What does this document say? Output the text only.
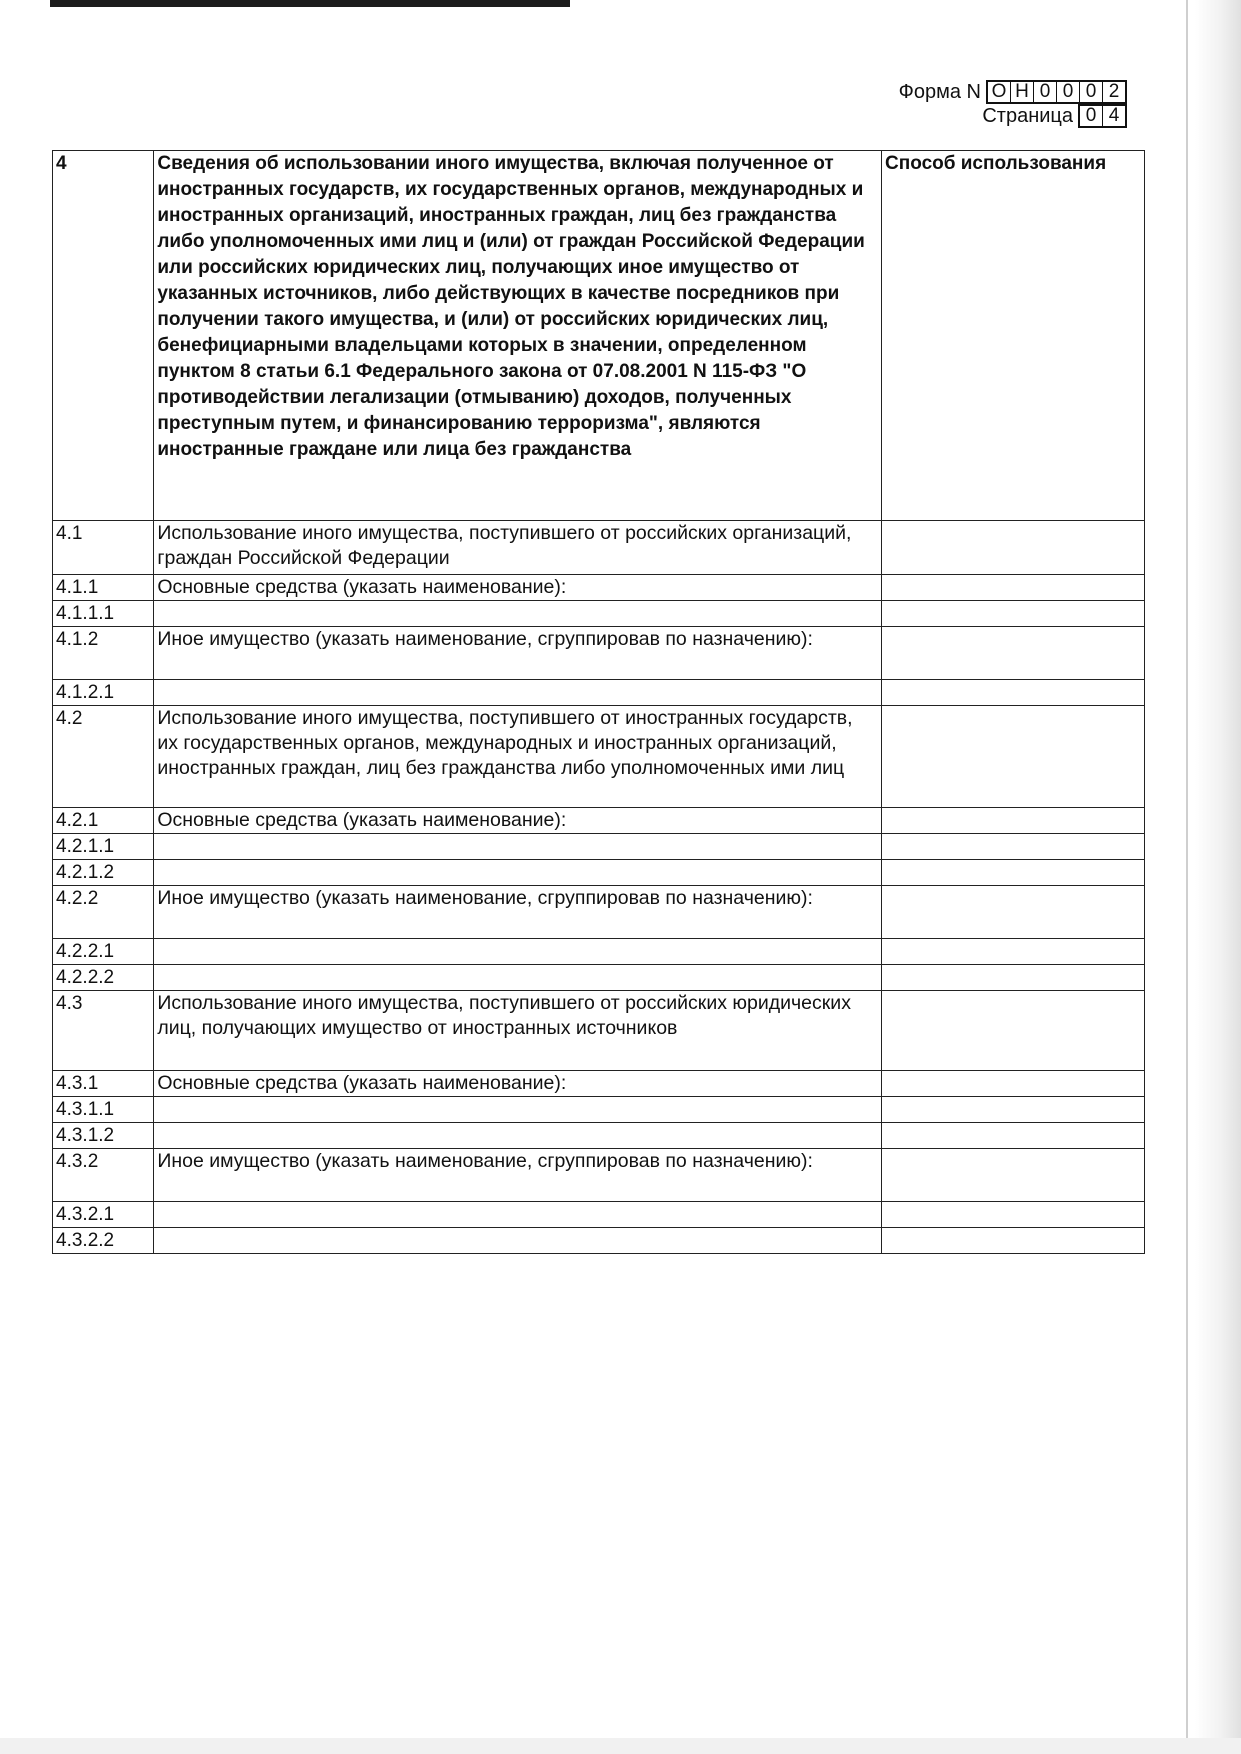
Форма N О Н 0 0 0 2
Страница 0 4
4	Сведения об использовании иного имущества, включая полученное от иностранных государств, их государственных органов, международных и иностранных организаций, иностранных граждан, лиц без гражданства либо уполномоченных ими лиц и (или) от граждан Российской Федерации или российских юридических лиц, получающих иное имущество от указанных источников, либо действующих в качестве посредников при получении такого имущества, и (или) от российских юридических лиц, бенефициарными владельцами которых в значении, определенном пунктом 8 статьи 6.1 Федерального закона от 07.08.2001 N 115-ФЗ "О противодействии легализации (отмыванию) доходов, полученных преступным путем, и финансированию терроризма", являются иностранные граждане или лица без гражданства	Способ использования
4.1	Использование иного имущества, поступившего от российских организаций, граждан Российской Федерации	
4.1.1	Основные средства (указать наименование):	
4.1.1.1		
4.1.2	Иное имущество (указать наименование, сгруппировав по назначению):	
4.1.2.1		
4.2	Использование иного имущества, поступившего от иностранных государств, их государственных органов, международных и иностранных организаций, иностранных граждан, лиц без гражданства либо уполномоченных ими лиц	
4.2.1	Основные средства (указать наименование):	
4.2.1.1		
4.2.1.2		
4.2.2	Иное имущество (указать наименование, сгруппировав по назначению):	
4.2.2.1		
4.2.2.2		
4.3	Использование иного имущества, поступившего от российских юридических лиц, получающих имущество от иностранных источников	
4.3.1	Основные средства (указать наименование):	
4.3.1.1		
4.3.1.2		
4.3.2	Иное имущество (указать наименование, сгруппировав по назначению):	
4.3.2.1		
4.3.2.2		
